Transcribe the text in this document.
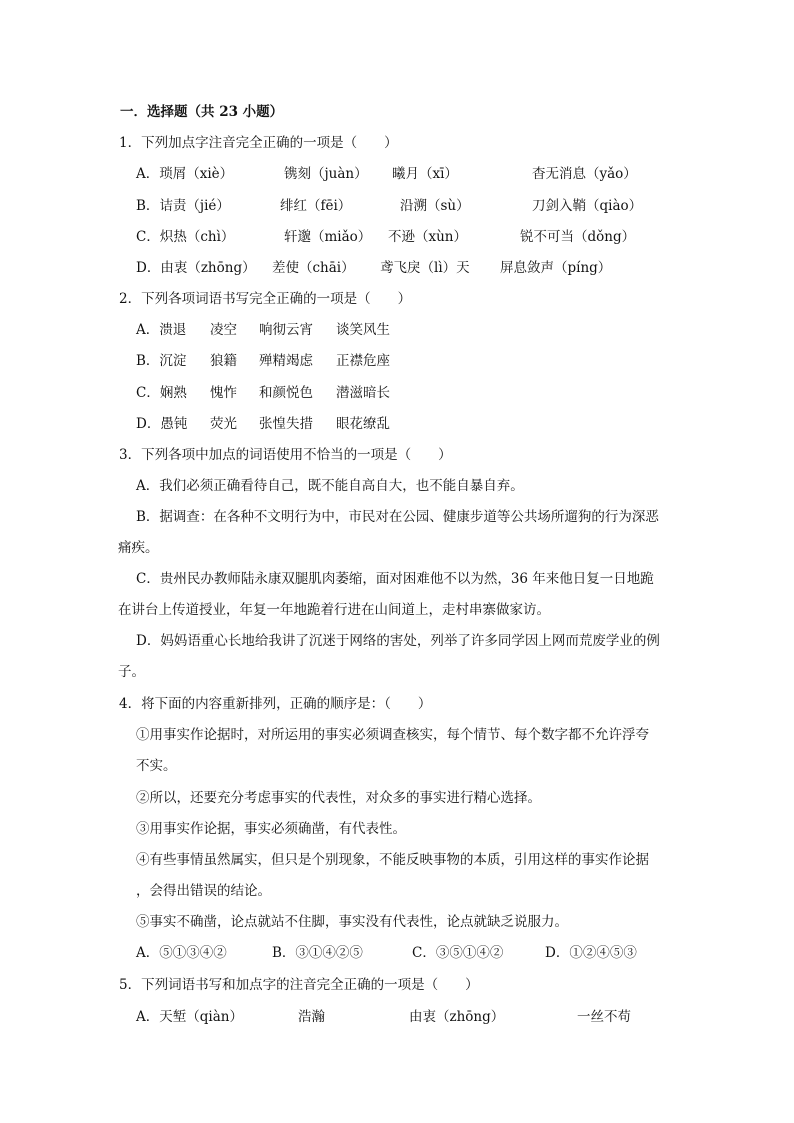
一．选择题（共 23 小题）
1．下列加点字注音完全正确的一项是（　　）
A．琐屑（xiè）	镌刻（juàn） 曦月（xī）	杳无消息（yǎo）
B．诘责（jié）	绯红（fēi）	沿溯（sù）	刀剑入鞘（qiào）
C．炽热（chì）	轩邈（miǎo） 不逊（xùn）	锐不可当（dǒng）
D．由衷（zhōng） 差使（chāi） 鸢飞戾（lì）天 屏息敛声（píng）
2．下列各项词语书写完全正确的一项是（　　）
A．溃退 凌空 响彻云宵 谈笑风生
B．沉淀 狼籍 殚精竭虑 正襟危座
C．娴熟 愧怍 和颜悦色 潜滋暗长
D．愚钝 荧光 张惶失措 眼花缭乱
3．下列各项中加点的词语使用不恰当的一项是（　　）
A．我们必须正确看待自己，既不能自高自大，也不能自暴自弃。
B．据调查：在各种不文明行为中，市民对在公园、健康步道等公共场所遛狗的行为深恶
痛疾。
C．贵州民办教师陆永康双腿肌肉萎缩，面对困难他不以为然，36 年来他日复一日地跪
在讲台上传道授业，年复一年地跪着行进在山间道上，走村串寨做家访。
D．妈妈语重心长地给我讲了沉迷于网络的害处，列举了许多同学因上网而荒废学业的例
子。
4．将下面的内容重新排列，正确的顺序是：（　　）
①用事实作论据时，对所运用的事实必须调查核实，每个情节、每个数字都不允许浮夸
不实。
②所以，还要充分考虑事实的代表性，对众多的事实进行精心选择。
③用事实作论据，事实必须确凿，有代表性。
④有些事情虽然属实，但只是个别现象，不能反映事物的本质，引用这样的事实作论据
，会得出错误的结论。
⑤事实不确凿，论点就站不住脚，事实没有代表性，论点就缺乏说服力。
A．⑤①③④②	B．③①④②⑤	C．③⑤①④②	D．①②④⑤③
5．下列词语书写和加点字的注音完全正确的一项是（　　）
A．天堑（qiàn）	浩瀚	由衷（zhōng）	一丝不苟
